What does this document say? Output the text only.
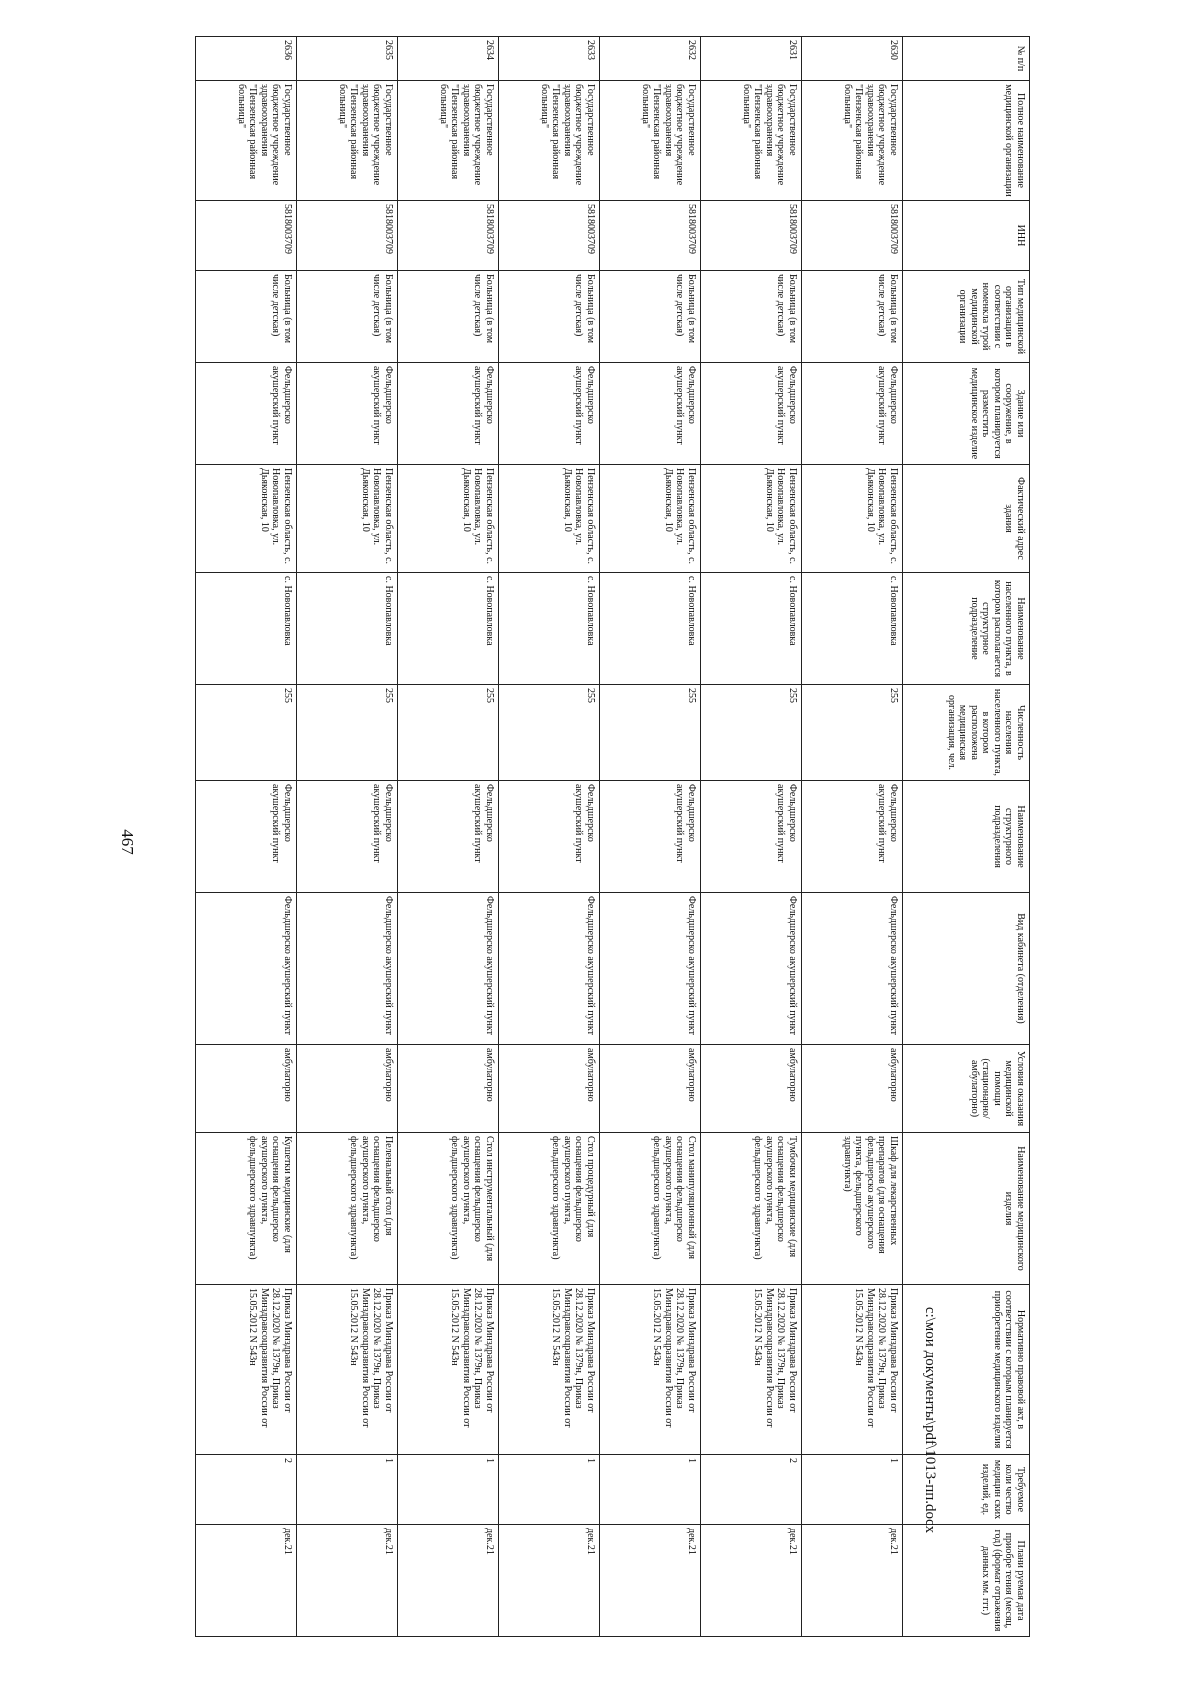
467
№ п/п	Полное наименование медицинской организации	ИНН	Тип медицинской организации в соответствии с номенкла турой медицинской организации	Здание или сооружение, в котором планируется разместить медицинское изделие	Фактический адрес здания	Наименование населенного пункта, в котором располагается структурное подразделение	Численность населения населенного пункта, в котором расположена медицинская организация, чел.	Наименование структурного подразделения	Вид кабинета (отделения)	Условия оказания медицинской помощи (стационарно/ амбулаторно)	Наименование медицинского изделия	Нормативно правовой акт, в соответствии с которым планируется приобретение медицинского изделия	Требуемое коли чество медицин ских изделий, ед.	Плани руемая дата приобре тения (месяц, год) (формат отражения данных мм. ггг.)
2630	Государственное бюджетное учреждение здравоохранения "Пензенская районная больница"	5818003709	Больница (в том числе детская)	Фельдшерско акушерский пункт	Пензенская область, с. Новопавловка, ул. Дьяконская, 10	с. Новопавловка	255	Фельдшерско акушерский пункт	Фельдшерско акушерский пункт	амбулаторно	Шкаф для лекарственных препаратов (для оснащения фельдшерско акушерского пункта, фельдшерского здравпункта)	Приказ Минздрава России от 28.12.2020 № 1379н, Приказ Минздравсоцразвития России от 15.05.2012 N 543н	1	дек.21
2631	Государственное бюджетное учреждение здравоохранения "Пензенская районная больница"	5818003709	Больница (в том числе детская)	Фельдшерско акушерский пункт	Пензенская область, с. Новопавловка, ул. Дьяконская, 10	с. Новопавловка	255	Фельдшерско акушерский пункт	Фельдшерско акушерский пункт	амбулаторно	Тумбочки медицинские (для оснащения фельдшерско акушерского пункта, фельдшерского здравпункта)	Приказ Минздрава России от 28.12.2020 № 1379н, Приказ Минздравсоцразвития России от 15.05.2012 N 543н	2	дек.21
2632	Государственное бюджетное учреждение здравоохранения "Пензенская районная больница"	5818003709	Больница (в том числе детская)	Фельдшерско акушерский пункт	Пензенская область, с. Новопавловка, ул. Дьяконская, 10	с. Новопавловка	255	Фельдшерско акушерский пункт	Фельдшерско акушерский пункт	амбулаторно	Стол манипуляционный (для оснащения фельдшерско акушерского пункта, фельдшерского здравпункта)	Приказ Минздрава России от 28.12.2020 № 1379н, Приказ Минздравсоцразвития России от 15.05.2012 N 543н	1	дек.21
2633	Государственное бюджетное учреждение здравоохранения "Пензенская районная больница"	5818003709	Больница (в том числе детская)	Фельдшерско акушерский пункт	Пензенская область, с. Новопавловка, ул. Дьяконская, 10	с. Новопавловка	255	Фельдшерско акушерский пункт	Фельдшерско акушерский пункт	амбулаторно	Стол процедурный (для оснащения фельдшерско акушерского пункта, фельдшерского здравпункта)	Приказ Минздрава России от 28.12.2020 № 1379н, Приказ Минздравсоцразвития России от 15.05.2012 N 543н	1	дек.21
2634	Государственное бюджетное учреждение здравоохранения "Пензенская районная больница"	5818003709	Больница (в том числе детская)	Фельдшерско акушерский пункт	Пензенская область, с. Новопавловка, ул. Дьяконская, 10	с. Новопавловка	255	Фельдшерско акушерский пункт	Фельдшерско акушерский пункт	амбулаторно	Стол инструментальный (для оснащения фельдшерско акушерского пункта, фельдшерского здравпункта)	Приказ Минздрава России от 28.12.2020 № 1379н, Приказ Минздравсоцразвития России от 15.05.2012 N 543н	1	дек.21
2635	Государственное бюджетное учреждение здравоохранения "Пензенская районная больница"	5818003709	Больница (в том числе детская)	Фельдшерско акушерский пункт	Пензенская область, с. Новопавловка, ул. Дьяконская, 10	с. Новопавловка	255	Фельдшерско акушерский пункт	Фельдшерско акушерский пункт	амбулаторно	Пеленальный стол (для оснащения фельдшерско акушерского пункта, фельдшерского здравпункта)	Приказ Минздрава России от 28.12.2020 № 1379н, Приказ Минздравсоцразвития России от 15.05.2012 N 543н	1	дек.21
2636	Государственное бюджетное учреждение здравоохранения "Пензенская районная больница"	5818003709	Больница (в том числе детская)	Фельдшерско акушерский пункт	Пензенская область, с. Новопавловка, ул. Дьяконская, 10	с. Новопавловка	255	Фельдшерско акушерский пункт	Фельдшерско акушерский пункт	амбулаторно	Кушетки медицинские (для оснащения фельдшерско акушерского пункта, фельдшерского здравпункта)	Приказ Минздрава России от 28.12.2020 № 1379н, Приказ Минздравсоцразвития России от 15.05.2012 N 543н	2	дек.21
c:\мои документы\pdf\1013-пп.docx
